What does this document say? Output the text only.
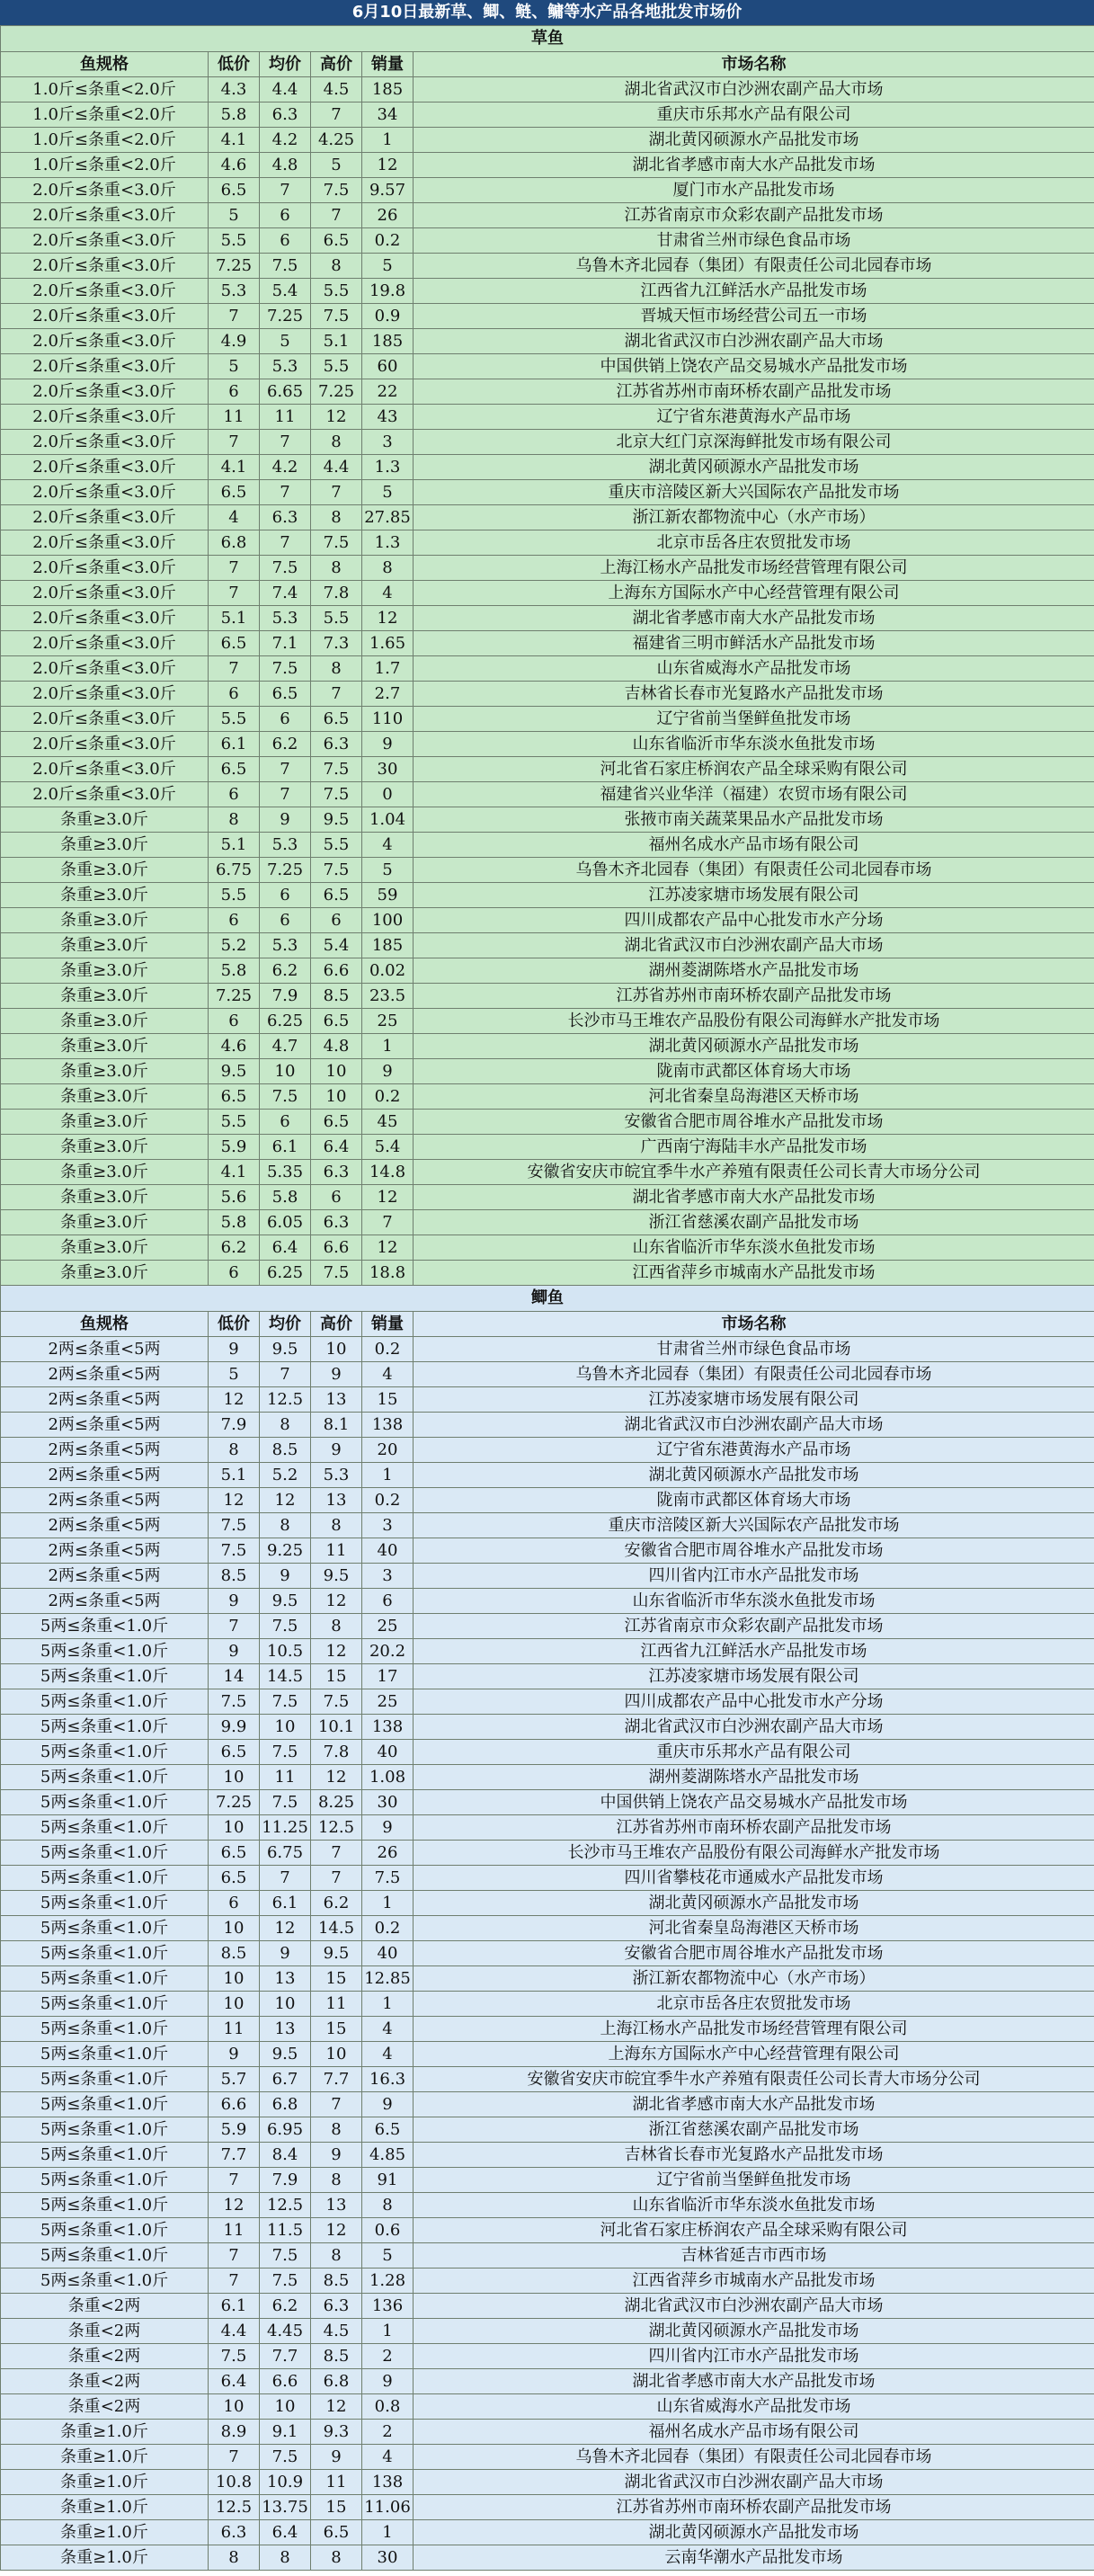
6月10日最新草、鲫、鲢、鳙等水产品各地批发市场价
草鱼					
鱼规格	低价	均价	高价	销量	市场名称
1.0斤≤条重<2.0斤	4.3	4.4	4.5	185	湖北省武汉市白沙洲农副产品大市场
1.0斤≤条重<2.0斤	5.8	6.3	7	34	重庆市乐邦水产品有限公司
1.0斤≤条重<2.0斤	4.1	4.2	4.25	1	湖北黄冈硕源水产品批发市场
1.0斤≤条重<2.0斤	4.6	4.8	5	12	湖北省孝感市南大水产品批发市场
2.0斤≤条重<3.0斤	6.5	7	7.5	9.57	厦门市水产品批发市场
2.0斤≤条重<3.0斤	5	6	7	26	江苏省南京市众彩农副产品批发市场
2.0斤≤条重<3.0斤	5.5	6	6.5	0.2	甘肃省兰州市绿色食品市场
2.0斤≤条重<3.0斤	7.25	7.5	8	5	乌鲁木齐北园春（集团）有限责任公司北园春市场
2.0斤≤条重<3.0斤	5.3	5.4	5.5	19.8	江西省九江鲜活水产品批发市场
2.0斤≤条重<3.0斤	7	7.25	7.5	0.9	晋城天恒市场经营公司五一市场
2.0斤≤条重<3.0斤	4.9	5	5.1	185	湖北省武汉市白沙洲农副产品大市场
2.0斤≤条重<3.0斤	5	5.3	5.5	60	中国供销上饶农产品交易城水产品批发市场
2.0斤≤条重<3.0斤	6	6.65	7.25	22	江苏省苏州市南环桥农副产品批发市场
2.0斤≤条重<3.0斤	11	11	12	43	辽宁省东港黄海水产品市场
2.0斤≤条重<3.0斤	7	7	8	3	北京大红门京深海鲜批发市场有限公司
2.0斤≤条重<3.0斤	4.1	4.2	4.4	1.3	湖北黄冈硕源水产品批发市场
2.0斤≤条重<3.0斤	6.5	7	7	5	重庆市涪陵区新大兴国际农产品批发市场
2.0斤≤条重<3.0斤	4	6.3	8	27.85	浙江新农都物流中心（水产市场）
2.0斤≤条重<3.0斤	6.8	7	7.5	1.3	北京市岳各庄农贸批发市场
2.0斤≤条重<3.0斤	7	7.5	8	8	上海江杨水产品批发市场经营管理有限公司
2.0斤≤条重<3.0斤	7	7.4	7.8	4	上海东方国际水产中心经营管理有限公司
2.0斤≤条重<3.0斤	5.1	5.3	5.5	12	湖北省孝感市南大水产品批发市场
2.0斤≤条重<3.0斤	6.5	7.1	7.3	1.65	福建省三明市鲜活水产品批发市场
2.0斤≤条重<3.0斤	7	7.5	8	1.7	山东省威海水产品批发市场
2.0斤≤条重<3.0斤	6	6.5	7	2.7	吉林省长春市光复路水产品批发市场
2.0斤≤条重<3.0斤	5.5	6	6.5	110	辽宁省前当堡鲜鱼批发市场
2.0斤≤条重<3.0斤	6.1	6.2	6.3	9	山东省临沂市华东淡水鱼批发市场
2.0斤≤条重<3.0斤	6.5	7	7.5	30	河北省石家庄桥润农产品全球采购有限公司
2.0斤≤条重<3.0斤	6	7	7.5	0	福建省兴业华洋（福建）农贸市场有限公司
条重≥3.0斤	8	9	9.5	1.04	张掖市南关蔬菜果品水产品批发市场
条重≥3.0斤	5.1	5.3	5.5	4	福州名成水产品市场有限公司
条重≥3.0斤	6.75	7.25	7.5	5	乌鲁木齐北园春（集团）有限责任公司北园春市场
条重≥3.0斤	5.5	6	6.5	59	江苏凌家塘市场发展有限公司
条重≥3.0斤	6	6	6	100	四川成都农产品中心批发市水产分场
条重≥3.0斤	5.2	5.3	5.4	185	湖北省武汉市白沙洲农副产品大市场
条重≥3.0斤	5.8	6.2	6.6	0.02	湖州菱湖陈塔水产品批发市场
条重≥3.0斤	7.25	7.9	8.5	23.5	江苏省苏州市南环桥农副产品批发市场
条重≥3.0斤	6	6.25	6.5	25	长沙市马王堆农产品股份有限公司海鲜水产批发市场
条重≥3.0斤	4.6	4.7	4.8	1	湖北黄冈硕源水产品批发市场
条重≥3.0斤	9.5	10	10	9	陇南市武都区体育场大市场
条重≥3.0斤	6.5	7.5	10	0.2	河北省秦皇岛海港区天桥市场
条重≥3.0斤	5.5	6	6.5	45	安徽省合肥市周谷堆水产品批发市场
条重≥3.0斤	5.9	6.1	6.4	5.4	广西南宁海陆丰水产品批发市场
条重≥3.0斤	4.1	5.35	6.3	14.8	安徽省安庆市皖宜季牛水产养殖有限责任公司长青大市场分公司
条重≥3.0斤	5.6	5.8	6	12	湖北省孝感市南大水产品批发市场
条重≥3.0斤	5.8	6.05	6.3	7	浙江省慈溪农副产品批发市场
条重≥3.0斤	6.2	6.4	6.6	12	山东省临沂市华东淡水鱼批发市场
条重≥3.0斤	6	6.25	7.5	18.8	江西省萍乡市城南水产品批发市场
鲫鱼					
鱼规格	低价	均价	高价	销量	市场名称
2两≤条重<5两	9	9.5	10	0.2	甘肃省兰州市绿色食品市场
2两≤条重<5两	5	7	9	4	乌鲁木齐北园春（集团）有限责任公司北园春市场
2两≤条重<5两	12	12.5	13	15	江苏凌家塘市场发展有限公司
2两≤条重<5两	7.9	8	8.1	138	湖北省武汉市白沙洲农副产品大市场
2两≤条重<5两	8	8.5	9	20	辽宁省东港黄海水产品市场
2两≤条重<5两	5.1	5.2	5.3	1	湖北黄冈硕源水产品批发市场
2两≤条重<5两	12	12	13	0.2	陇南市武都区体育场大市场
2两≤条重<5两	7.5	8	8	3	重庆市涪陵区新大兴国际农产品批发市场
2两≤条重<5两	7.5	9.25	11	40	安徽省合肥市周谷堆水产品批发市场
2两≤条重<5两	8.5	9	9.5	3	四川省内江市水产品批发市场
2两≤条重<5两	9	9.5	12	6	山东省临沂市华东淡水鱼批发市场
5两≤条重<1.0斤	7	7.5	8	25	江苏省南京市众彩农副产品批发市场
5两≤条重<1.0斤	9	10.5	12	20.2	江西省九江鲜活水产品批发市场
5两≤条重<1.0斤	14	14.5	15	17	江苏凌家塘市场发展有限公司
5两≤条重<1.0斤	7.5	7.5	7.5	25	四川成都农产品中心批发市水产分场
5两≤条重<1.0斤	9.9	10	10.1	138	湖北省武汉市白沙洲农副产品大市场
5两≤条重<1.0斤	6.5	7.5	7.8	40	重庆市乐邦水产品有限公司
5两≤条重<1.0斤	10	11	12	1.08	湖州菱湖陈塔水产品批发市场
5两≤条重<1.0斤	7.25	7.5	8.25	30	中国供销上饶农产品交易城水产品批发市场
5两≤条重<1.0斤	10	11.25	12.5	9	江苏省苏州市南环桥农副产品批发市场
5两≤条重<1.0斤	6.5	6.75	7	26	长沙市马王堆农产品股份有限公司海鲜水产批发市场
5两≤条重<1.0斤	6.5	7	7	7.5	四川省攀枝花市通威水产品批发市场
5两≤条重<1.0斤	6	6.1	6.2	1	湖北黄冈硕源水产品批发市场
5两≤条重<1.0斤	10	12	14.5	0.2	河北省秦皇岛海港区天桥市场
5两≤条重<1.0斤	8.5	9	9.5	40	安徽省合肥市周谷堆水产品批发市场
5两≤条重<1.0斤	10	13	15	12.85	浙江新农都物流中心（水产市场）
5两≤条重<1.0斤	10	10	11	1	北京市岳各庄农贸批发市场
5两≤条重<1.0斤	11	13	15	4	上海江杨水产品批发市场经营管理有限公司
5两≤条重<1.0斤	9	9.5	10	4	上海东方国际水产中心经营管理有限公司
5两≤条重<1.0斤	5.7	6.7	7.7	16.3	安徽省安庆市皖宜季牛水产养殖有限责任公司长青大市场分公司
5两≤条重<1.0斤	6.6	6.8	7	9	湖北省孝感市南大水产品批发市场
5两≤条重<1.0斤	5.9	6.95	8	6.5	浙江省慈溪农副产品批发市场
5两≤条重<1.0斤	7.7	8.4	9	4.85	吉林省长春市光复路水产品批发市场
5两≤条重<1.0斤	7	7.9	8	91	辽宁省前当堡鲜鱼批发市场
5两≤条重<1.0斤	12	12.5	13	8	山东省临沂市华东淡水鱼批发市场
5两≤条重<1.0斤	11	11.5	12	0.6	河北省石家庄桥润农产品全球采购有限公司
5两≤条重<1.0斤	7	7.5	8	5	吉林省延吉市西市场
5两≤条重<1.0斤	7	7.5	8.5	1.28	江西省萍乡市城南水产品批发市场
条重<2两	6.1	6.2	6.3	136	湖北省武汉市白沙洲农副产品大市场
条重<2两	4.4	4.45	4.5	1	湖北黄冈硕源水产品批发市场
条重<2两	7.5	7.7	8.5	2	四川省内江市水产品批发市场
条重<2两	6.4	6.6	6.8	9	湖北省孝感市南大水产品批发市场
条重<2两	10	10	12	0.8	山东省威海水产品批发市场
条重≥1.0斤	8.9	9.1	9.3	2	福州名成水产品市场有限公司
条重≥1.0斤	7	7.5	9	4	乌鲁木齐北园春（集团）有限责任公司北园春市场
条重≥1.0斤	10.8	10.9	11	138	湖北省武汉市白沙洲农副产品大市场
条重≥1.0斤	12.5	13.75	15	11.06	江苏省苏州市南环桥农副产品批发市场
条重≥1.0斤	6.3	6.4	6.5	1	湖北黄冈硕源水产品批发市场
条重≥1.0斤	8	8	8	30	云南华潮水产品批发市场
